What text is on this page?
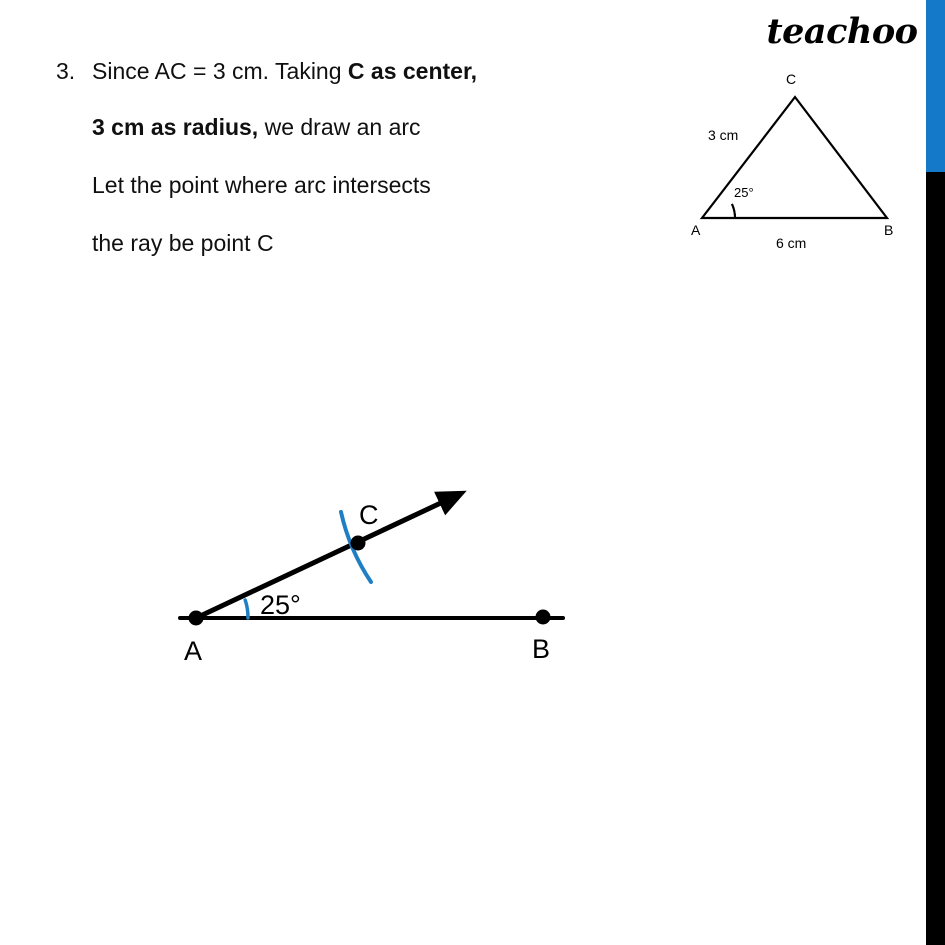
teachoo
3. Since AC = 3 cm. Taking C as center,
3 cm as radius, we draw an arc
Let the point where arc intersects
the ray be point C
C
A	B
3 cm
6 cm
25°
A	B
C
25°
